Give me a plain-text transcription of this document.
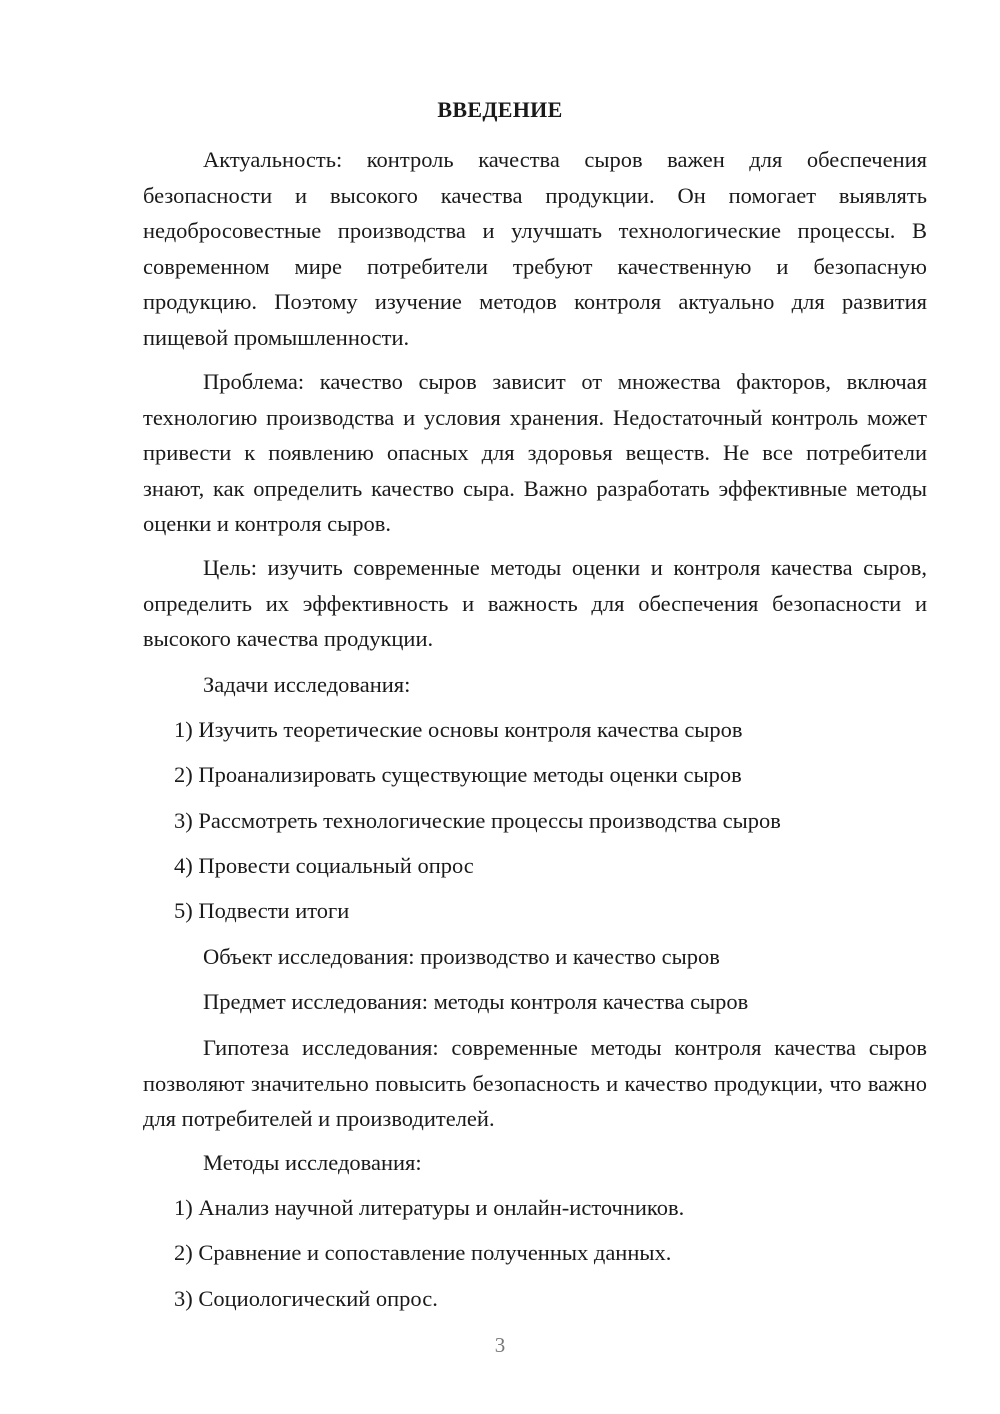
ВВЕДЕНИЕ

Актуальность: контроль качества сыров важен для обеспечения безопасности и высокого качества продукции. Он помогает выявлять недобросовестные производства и улучшать технологические процессы. В современном мире потребители требуют качественную и безопасную продукцию. Поэтому изучение методов контроля актуально для развития пищевой промышленности.

Проблема: качество сыров зависит от множества факторов, включая технологию производства и условия хранения. Недостаточный контроль может привести к появлению опасных для здоровья веществ. Не все потребители знают, как определить качество сыра. Важно разработать эффективные методы оценки и контроля сыров.

Цель: изучить современные методы оценки и контроля качества сыров, определить их эффективность и важность для обеспечения безопасности и высокого качества продукции.

Задачи исследования:
1) Изучить теоретические основы контроля качества сыров
2) Проанализировать существующие методы оценки сыров
3) Рассмотреть технологические процессы производства сыров
4) Провести социальный опрос
5) Подвести итоги
Объект исследования: производство и качество сыров
Предмет исследования: методы контроля качества сыров

Гипотеза исследования: современные методы контроля качества сыров позволяют значительно повысить безопасность и качество продукции, что важно для потребителей и производителей.

Методы исследования:
1) Анализ научной литературы и онлайн-источников.
2) Сравнение и сопоставление полученных данных.
3) Социологический опрос.
3
